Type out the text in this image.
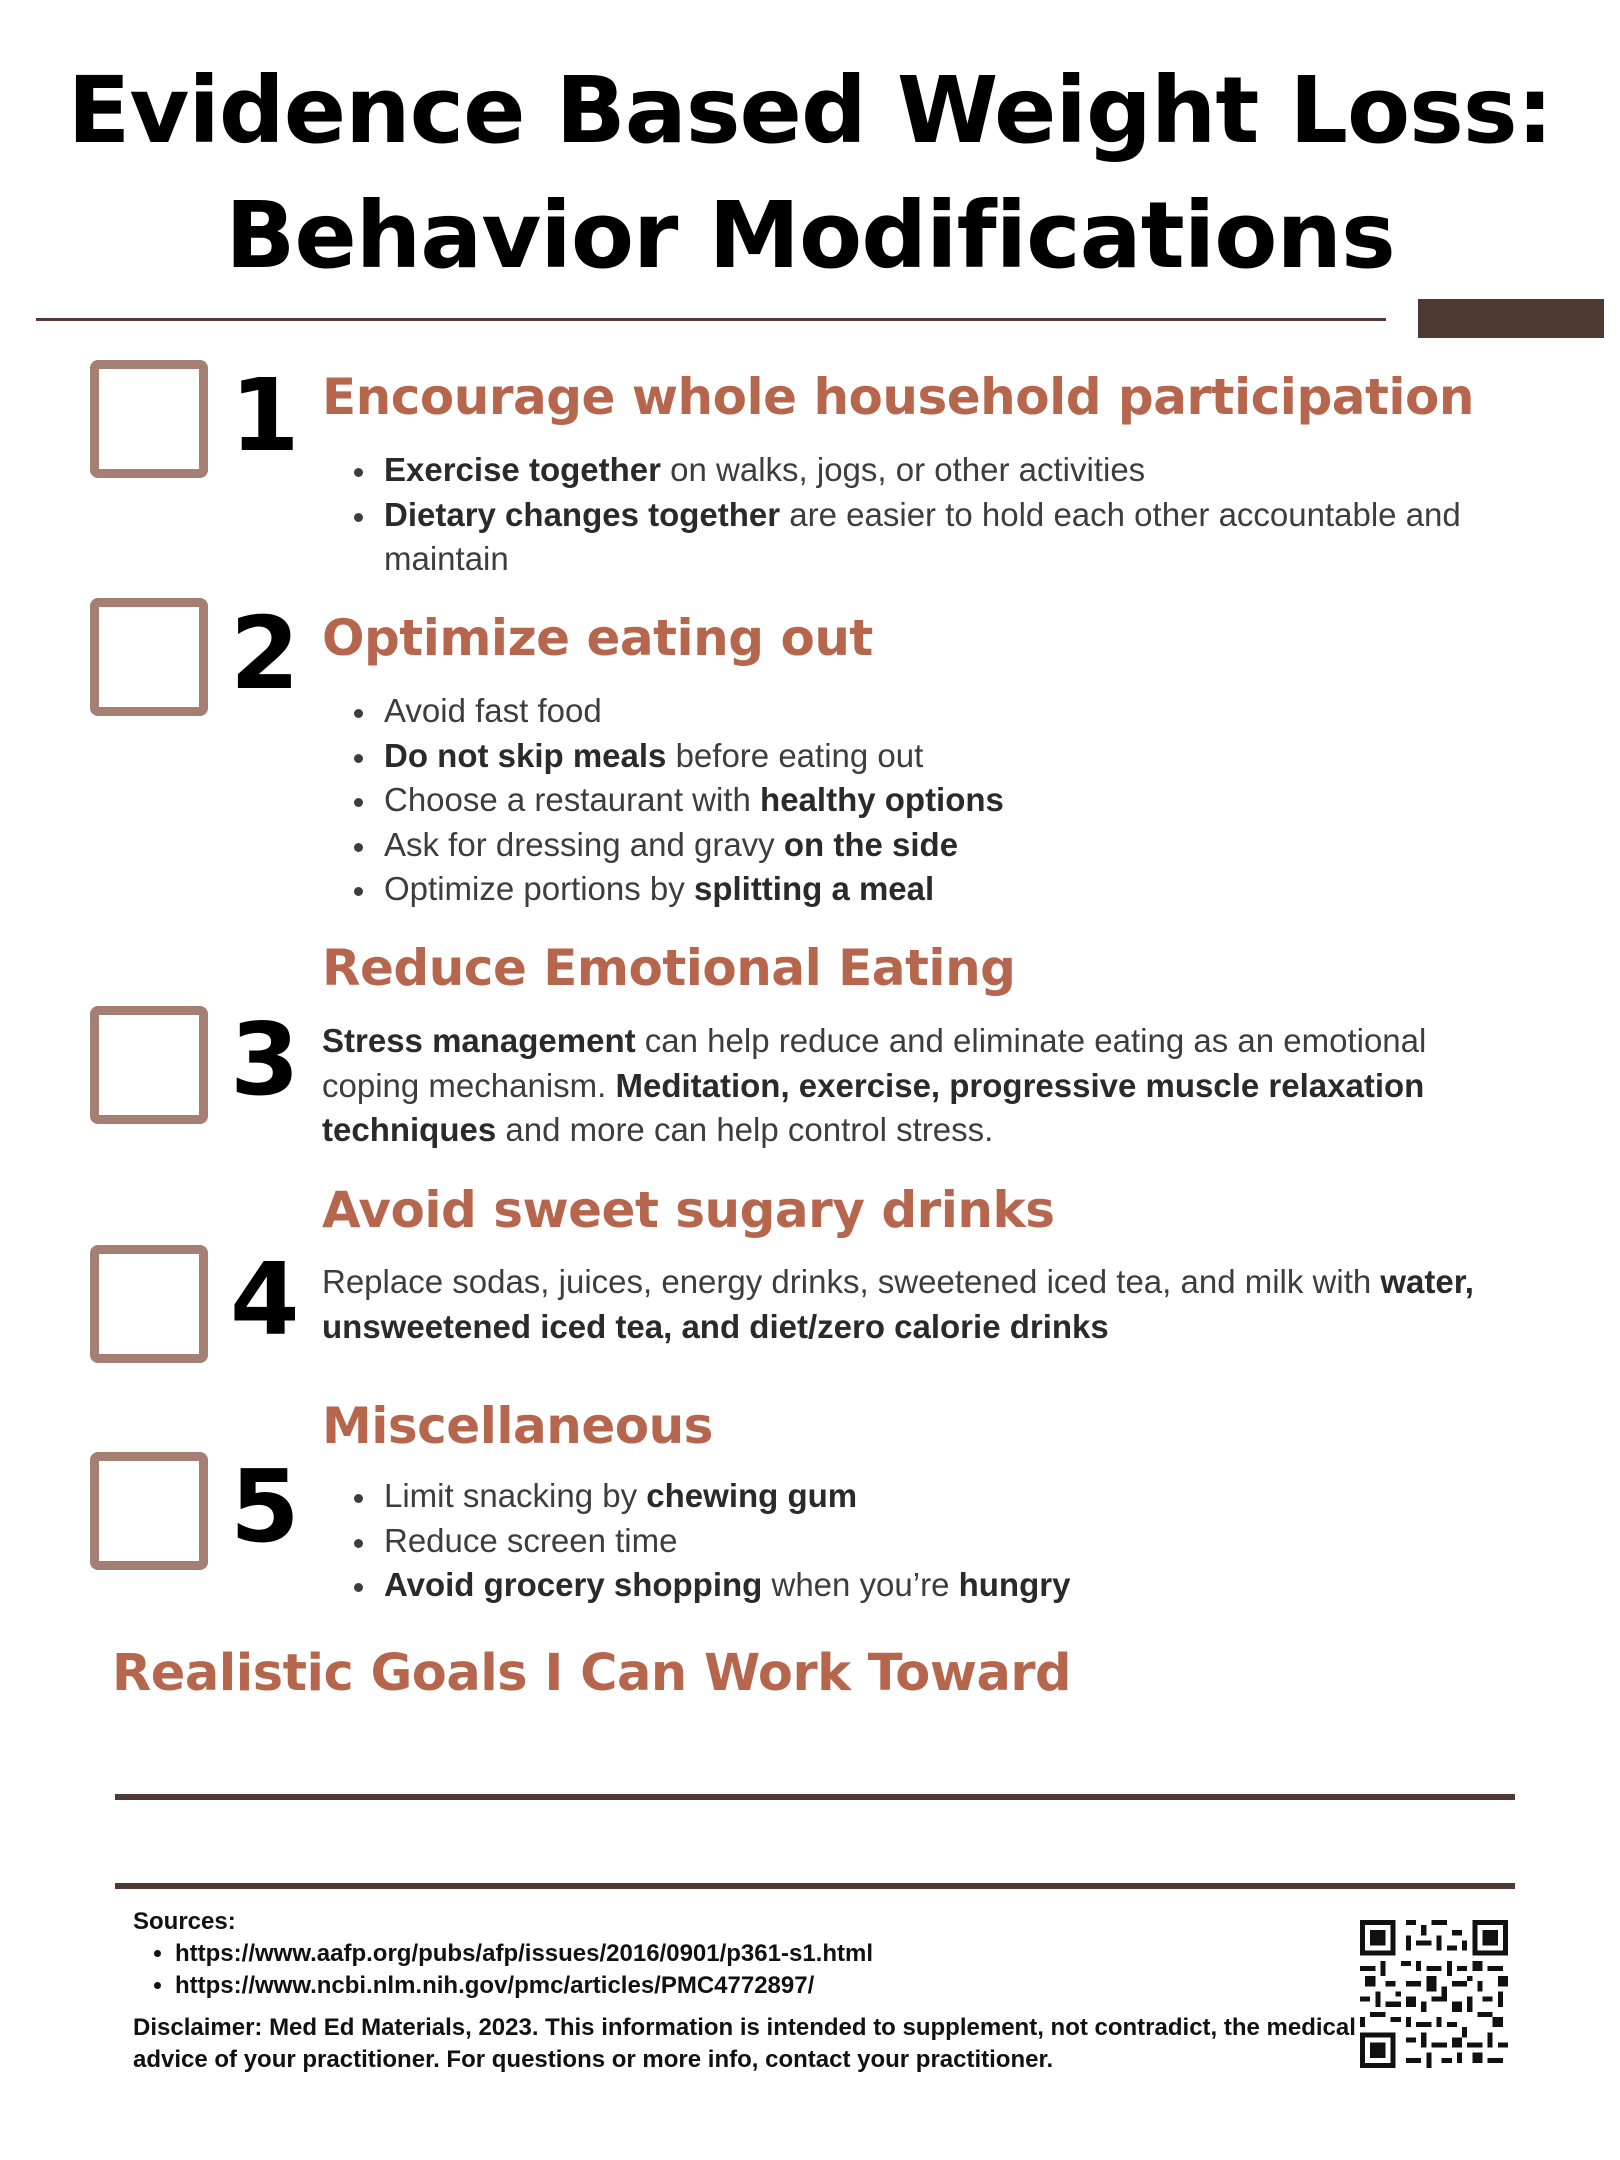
Evidence Based Weight Loss:
Behavior Modifications
1 Encourage whole household participation
• Exercise together on walks, jogs, or other activities
• Dietary changes together are easier to hold each other accountable and maintain
2 Optimize eating out
• Avoid fast food
• Do not skip meals before eating out
• Choose a restaurant with healthy options
• Ask for dressing and gravy on the side
• Optimize portions by splitting a meal
Reduce Emotional Eating
3 Stress management can help reduce and eliminate eating as an emotional coping mechanism. Meditation, exercise, progressive muscle relaxation techniques and more can help control stress.
Avoid sweet sugary drinks
4 Replace sodas, juices, energy drinks, sweetened iced tea, and milk with water, unsweetened iced tea, and diet/zero calorie drinks
Miscellaneous
5
•	Limit snacking by chewing gum
• Reduce screen time
• Avoid grocery shopping when you’re hungry
Realistic Goals I Can Work Toward
Sources:
• https://www.aafp.org/pubs/afp/issues/2016/0901/p361-s1.html
• https://www.ncbi.nlm.nih.gov/pmc/articles/PMC4772897/
Disclaimer: Med Ed Materials, 2023. This information is intended to supplement, not contradict, the medical advice of your practitioner. For questions or more info, contact your practitioner.
